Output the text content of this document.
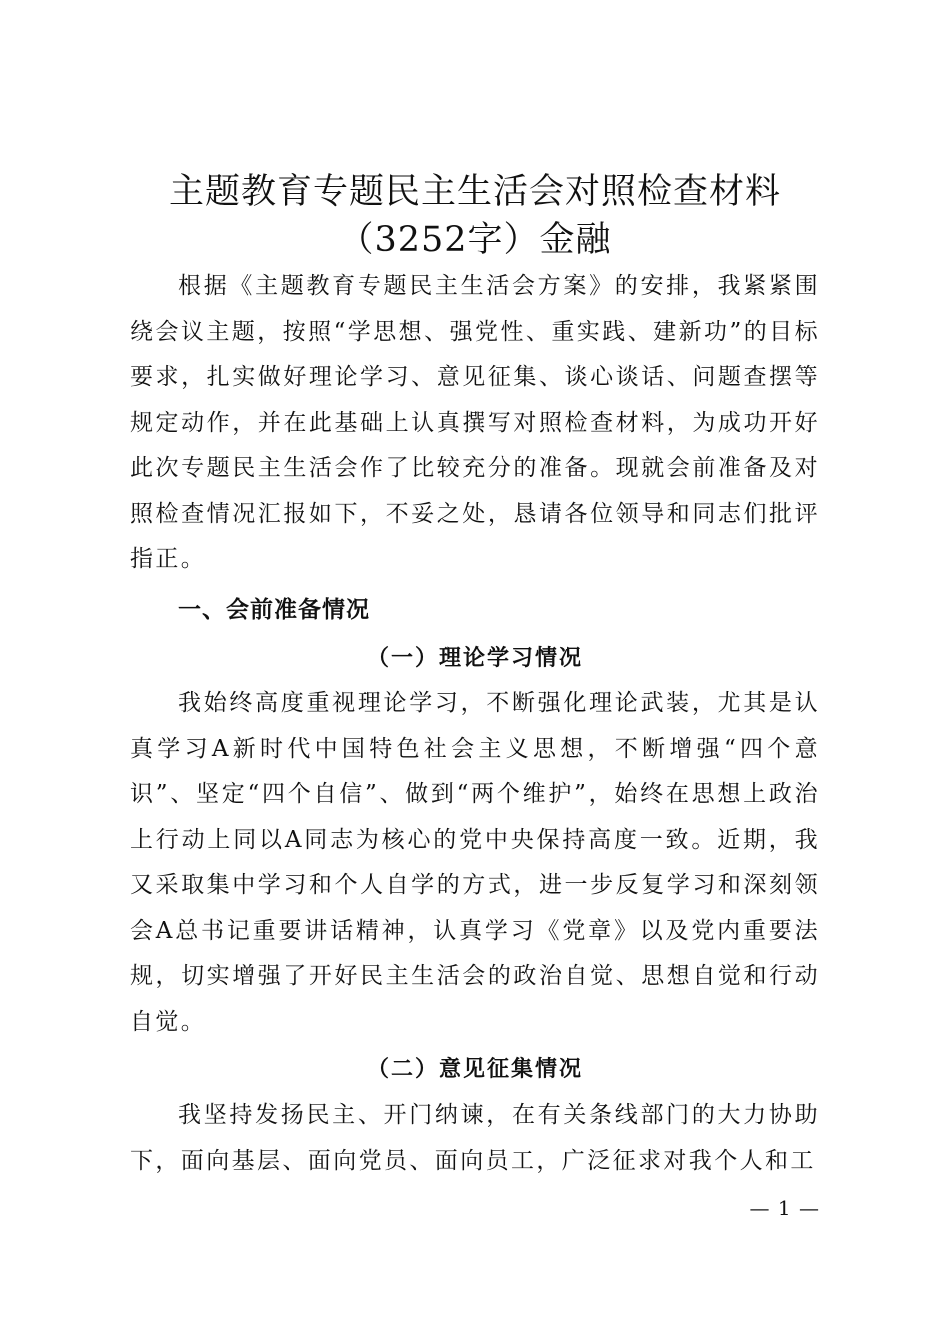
主题教育专题民主生活会对照检查材料（3252字）金融

根据《主题教育专题民主生活会方案》的安排，我紧紧围绕会议主题，按照“学思想、强党性、重实践、建新功”的目标要求，扎实做好理论学习、意见征集、谈心谈话、问题查摆等规定动作，并在此基础上认真撰写对照检查材料，为成功开好此次专题民主生活会作了比较充分的准备。现就会前准备及对照检查情况汇报如下，不妥之处，恳请各位领导和同志们批评指正。

一、会前准备情况
（一）理论学习情况

我始终高度重视理论学习，不断强化理论武装，尤其是认真学习A新时代中国特色社会主义思想，不断增强“四个意识”、坚定“四个自信”、做到“两个维护”，始终在思想上政治上行动上同以A同志为核心的党中央保持高度一致。近期，我又采取集中学习和个人自学的方式，进一步反复学习和深刻领会A总书记重要讲话精神，认真学习《党章》以及党内重要法规，切实增强了开好民主生活会的政治自觉、思想自觉和行动自觉。

（二）意见征集情况

我坚持发扬民主、开门纳谏，在有关条线部门的大力协助下，面向基层、面向党员、面向员工，广泛征求对我个人和工

— 1 —
